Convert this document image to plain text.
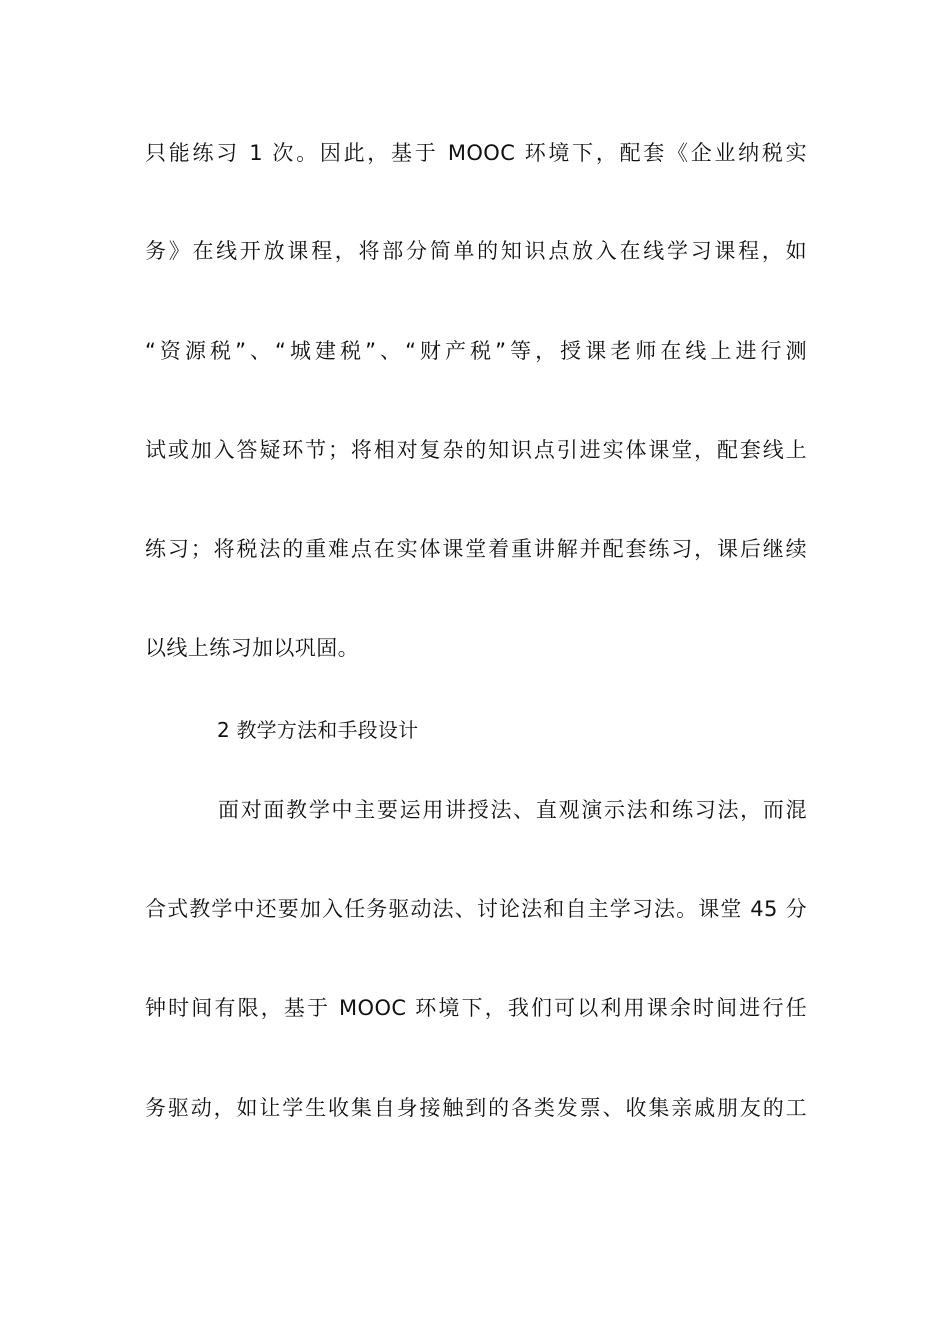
只能练习 1 次。因此，基于 MOOC 环境下，配套《企业纳税实
务》在线开放课程，将部分简单的知识点放入在线学习课程，如
“资源税”、“城建税”、“财产税”等，授课老师在线上进行测
试或加入答疑环节；将相对复杂的知识点引进实体课堂，配套线上
练习；将税法的重难点在实体课堂着重讲解并配套练习，课后继续
以线上练习加以巩固。
2 教学方法和手段设计
面对面教学中主要运用讲授法、直观演示法和练习法，而混
合式教学中还要加入任务驱动法、讨论法和自主学习法。课堂 45 分
钟时间有限，基于 MOOC 环境下，我们可以利用课余时间进行任
务驱动，如让学生收集自身接触到的各类发票、收集亲戚朋友的工
